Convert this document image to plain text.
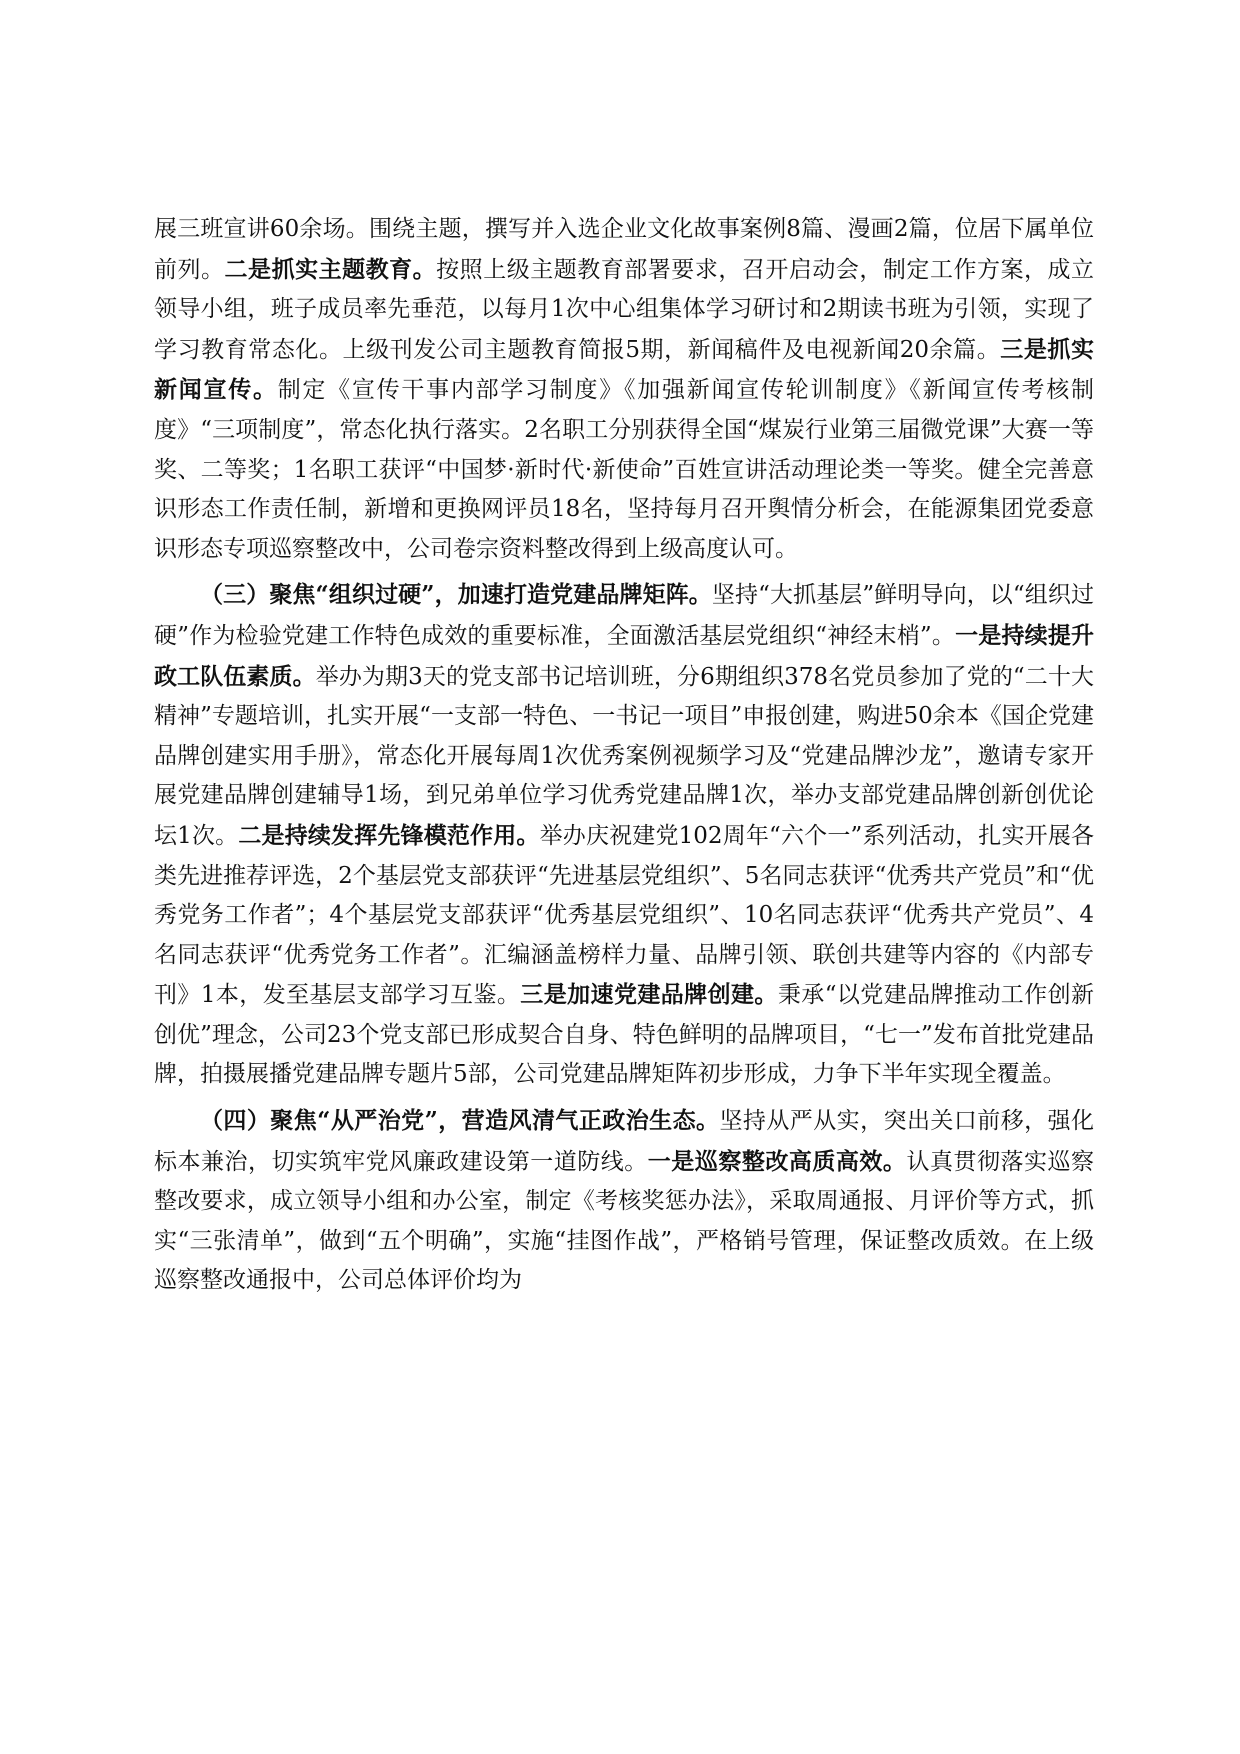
展三班宣讲60余场。围绕主题，撰写并入选企业文化故事案例8篇、漫画2篇，位居下属单位前列。二是抓实主题教育。按照上级主题教育部署要求，召开启动会，制定工作方案，成立领导小组，班子成员率先垂范，以每月1次中心组集体学习研讨和2期读书班为引领，实现了学习教育常态化。上级刊发公司主题教育简报5期，新闻稿件及电视新闻20余篇。三是抓实新闻宣传。制定《宣传干事内部学习制度》《加强新闻宣传轮训制度》《新闻宣传考核制度》“三项制度”，常态化执行落实。2名职工分别获得全国“煤炭行业第三届微党课”大赛一等奖、二等奖；1名职工获评“中国梦·新时代·新使命”百姓宣讲活动理论类一等奖。健全完善意识形态工作责任制，新增和更换网评员18名，坚持每月召开舆情分析会，在能源集团党委意识形态专项巡察整改中，公司卷宗资料整改得到上级高度认可。

（三）聚焦“组织过硬”，加速打造党建品牌矩阵。坚持“大抓基层”鲜明导向，以“组织过硬”作为检验党建工作特色成效的重要标准，全面激活基层党组织“神经末梢”。一是持续提升政工队伍素质。举办为期3天的党支部书记培训班，分6期组织378名党员参加了党的“二十大精神”专题培训，扎实开展“一支部一特色、一书记一项目”申报创建，购进50余本《国企党建品牌创建实用手册》，常态化开展每周1次优秀案例视频学习及“党建品牌沙龙”，邀请专家开展党建品牌创建辅导1场，到兄弟单位学习优秀党建品牌1次，举办支部党建品牌创新创优论坛1次。二是持续发挥先锋模范作用。举办庆祝建党102周年“六个一”系列活动，扎实开展各类先进推荐评选，2个基层党支部获评“先进基层党组织”、5名同志获评“优秀共产党员”和“优秀党务工作者”；4个基层党支部获评“优秀基层党组织”、10名同志获评“优秀共产党员”、4名同志获评“优秀党务工作者”。汇编涵盖榜样力量、品牌引领、联创共建等内容的《内部专刊》1本，发至基层支部学习互鉴。三是加速党建品牌创建。秉承“以党建品牌推动工作创新创优”理念，公司23个党支部已形成契合自身、特色鲜明的品牌项目，“七一”发布首批党建品牌，拍摄展播党建品牌专题片5部，公司党建品牌矩阵初步形成，力争下半年实现全覆盖。

（四）聚焦“从严治党”，营造风清气正政治生态。坚持从严从实，突出关口前移，强化标本兼治，切实筑牢党风廉政建设第一道防线。一是巡察整改高质高效。认真贯彻落实巡察整改要求，成立领导小组和办公室，制定《考核奖惩办法》，采取周通报、月评价等方式，抓实“三张清单”，做到“五个明确”，实施“挂图作战”，严格销号管理，保证整改质效。在上级巡察整改通报中，公司总体评价均为
